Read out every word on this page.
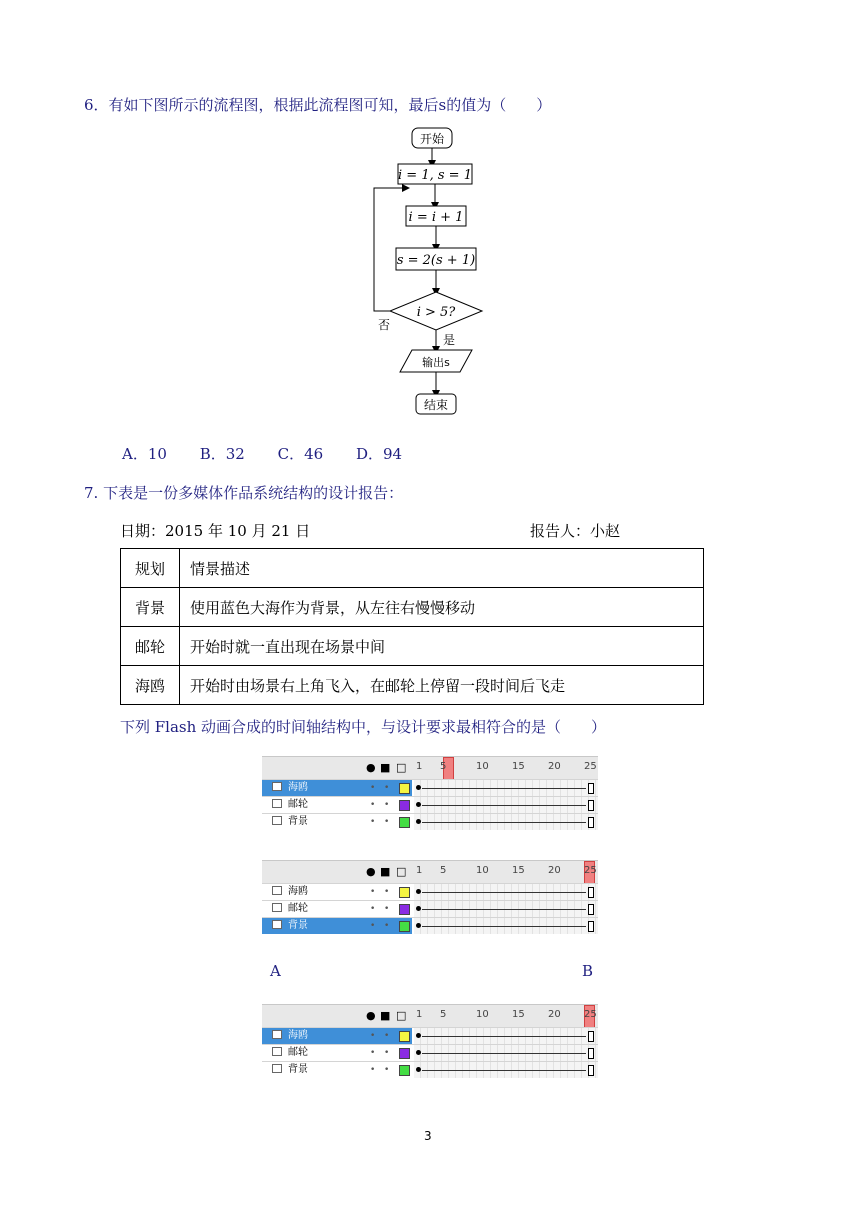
6．有如下图所示的流程图，根据此流程图可知，最后s的值为（　　）
开始
i = 1, s = 1
i = i + 1
s = 2(s + 1)
i > 5?
否
是
输出s
结束
A．10 B．32 C．46 D．94
7. 下表是一份多媒体作品系统结构的设计报告：
日期：2015 年 10 月 21 日	报告人：小赵
规划	情景描述
背景	使用蓝色大海作为背景，从左往右慢慢移动
邮轮	开始时就一直出现在场景中间
海鸥	开始时由场景右上角飞入，在邮轮上停留一段时间后飞走
下列 Flash 动画合成的时间轴结构中，与设计要求最相符合的是（　　）
● ■ □ 1 5	10 15 20 25
海鸥	• •
邮轮	• •
背景	• •
● ■ □ 1 5	10 15 20 25
海鸥	• •
邮轮	• •
背景	• •
A	B
● ■ □ 1 5	10 15 20 25
海鸥	• •
邮轮	• •
背景	• •
3
